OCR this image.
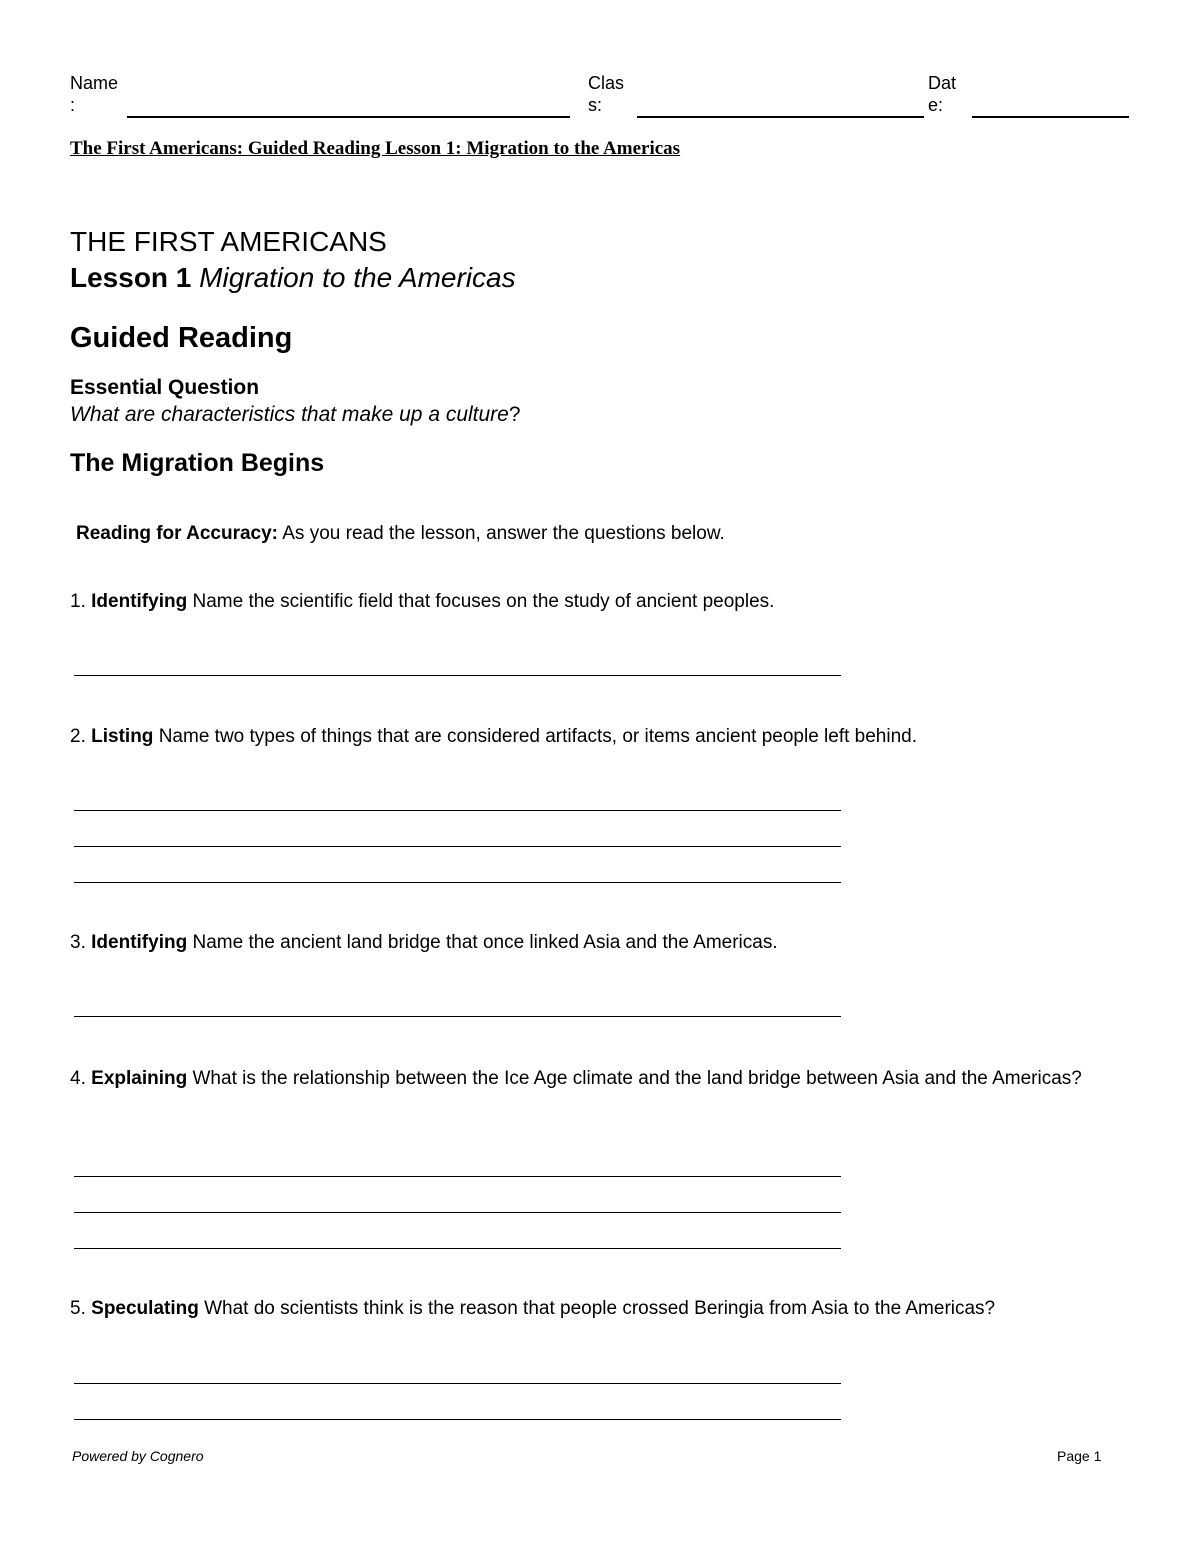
Name
:
Clas
s:
Dat
e:
The First Americans: Guided Reading Lesson 1: Migration to the Americas
THE FIRST AMERICANS
Lesson 1 Migration to the Americas
Guided Reading
Essential Question
What are characteristics that make up a culture?
The Migration Begins
Reading for Accuracy: As you read the lesson, answer the questions below.
1. Identifying Name the scientific field that focuses on the study of ancient peoples.
2. Listing Name two types of things that are considered artifacts, or items ancient people left behind.
3. Identifying Name the ancient land bridge that once linked Asia and the Americas.
4. Explaining What is the relationship between the Ice Age climate and the land bridge between Asia and the Americas?
5. Speculating What do scientists think is the reason that people crossed Beringia from Asia to the Americas?
Powered by Cognero	Page 1
